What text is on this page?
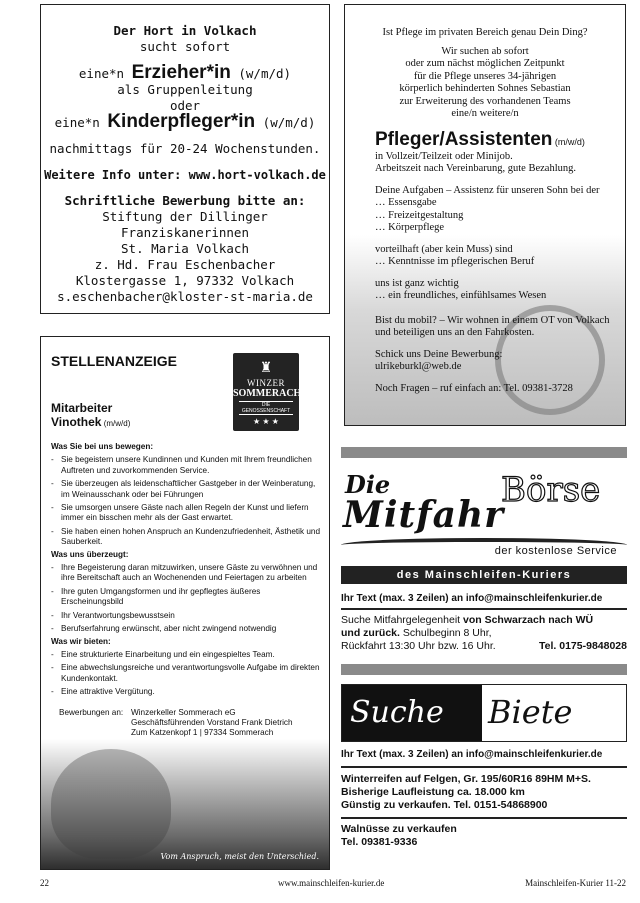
Der Hort in Volkach
sucht sofort
eine*n Erzieher*in (w/m/d)
als Gruppenleitung
oder
eine*n Kinderpfleger*in (w/m/d)
nachmittags für 20-24 Wochenstunden.
Weitere Info unter: www.hort-volkach.de
Schriftliche Bewerbung bitte an:
Stiftung der Dillinger Franziskanerinnen
St. Maria Volkach
z. Hd. Frau Eschenbacher
Klostergasse 1, 97332 Volkach
s.eschenbacher@kloster-st-maria.de
Ist Pflege im privaten Bereich genau Dein Ding?
Wir suchen ab sofort
oder zum nächst möglichen Zeitpunkt
für die Pflege unseres 34-jährigen
körperlich behinderten Sohnes Sebastian
zur Erweiterung des vorhandenen Teams
eine/n weitere/n
Pfleger/Assistenten (m/w/d)
in Vollzeit/Teilzeit oder Minijob.
Arbeitszeit nach Vereinbarung, gute Bezahlung.
Deine Aufgaben – Assistenz für unseren Sohn bei der
… Essensgabe
… Freizeitgestaltung
… Körperpflege
vorteilhaft (aber kein Muss) sind
… Kenntnisse im pflegerischen Beruf
uns ist ganz wichtig
… ein freundliches, einfühlsames Wesen
Bist du mobil? – Wir wohnen in einem OT von Volkach
und beteiligen uns an den Fahrkosten.
Schick uns Deine Bewerbung:
ulrikeburkl@web.de
Noch Fragen – ruf einfach an: Tel. 09381-3728
STELLENANZEIGE	♜
WINZER
SOMMERACH
DIE GENOSSENSCHAFT
★ ★ ★
Mitarbeiter
Vinothek (m/w/d)
Was Sie bei uns bewegen:
- Sie begeistern unsere Kundinnen und Kunden mit Ihrem freundlichen Auftreten und zuvorkommenden Service.
- Sie überzeugen als leidenschaftlicher Gastgeber in der Weinberatung, im Weinausschank oder bei Führungen
- Sie umsorgen unsere Gäste nach allen Regeln der Kunst und liefern immer ein bisschen mehr als der Gast erwartet.
- Sie haben einen hohen Anspruch an Kundenzufriedenheit, Ästhetik und Sauberkeit.
Was uns überzeugt:
- Ihre Begeisterung daran mitzuwirken, unsere Gäste zu verwöhnen und ihre Bereitschaft auch an Wochenenden und Feiertagen zu arbeiten
- Ihre guten Umgangsformen und ihr gepflegtes äußeres Erscheinungsbild
- Ihr Verantwortungsbewusstsein
- Berufserfahrung erwünscht, aber nicht zwingend notwendig
Was wir bieten:
- Eine strukturierte Einarbeitung und ein eingespieltes Team.
- Eine abwechslungsreiche und verantwortungsvolle Aufgabe im direkten Kundenkontakt.
- Eine attraktive Vergütung.
Bewerbungen an: Winzerkeller Sommerach eG
Geschäftsführenden Vorstand Frank Dietrich
Zum Katzenkopf 1 | 97334 Sommerach
Vom Anspruch, meist den Unterschied.
Die	Börse
Mitfahr
der kostenlose Service
des Mainschleifen-Kuriers
Ihr Text (max. 3 Zeilen) an info@mainschleifenkurier.de
Suche Mitfahrgelegenheit von Schwarzach nach WÜ
und zurück. Schulbeginn 8 Uhr,
Rückfahrt 13:30 Uhr bzw. 16 Uhr.	Tel. 0175-9848028
Suche	Biete
Ihr Text (max. 3 Zeilen) an info@mainschleifenkurier.de
Winterreifen auf Felgen, Gr. 195/60R16 89HM M+S.
Bisherige Laufleistung ca. 18.000 km
Günstig zu verkaufen. Tel. 0151-54868900
Walnüsse zu verkaufen
Tel. 09381-9336
22	www.mainschleifen-kurier.de	Mainschleifen-Kurier 11-22
